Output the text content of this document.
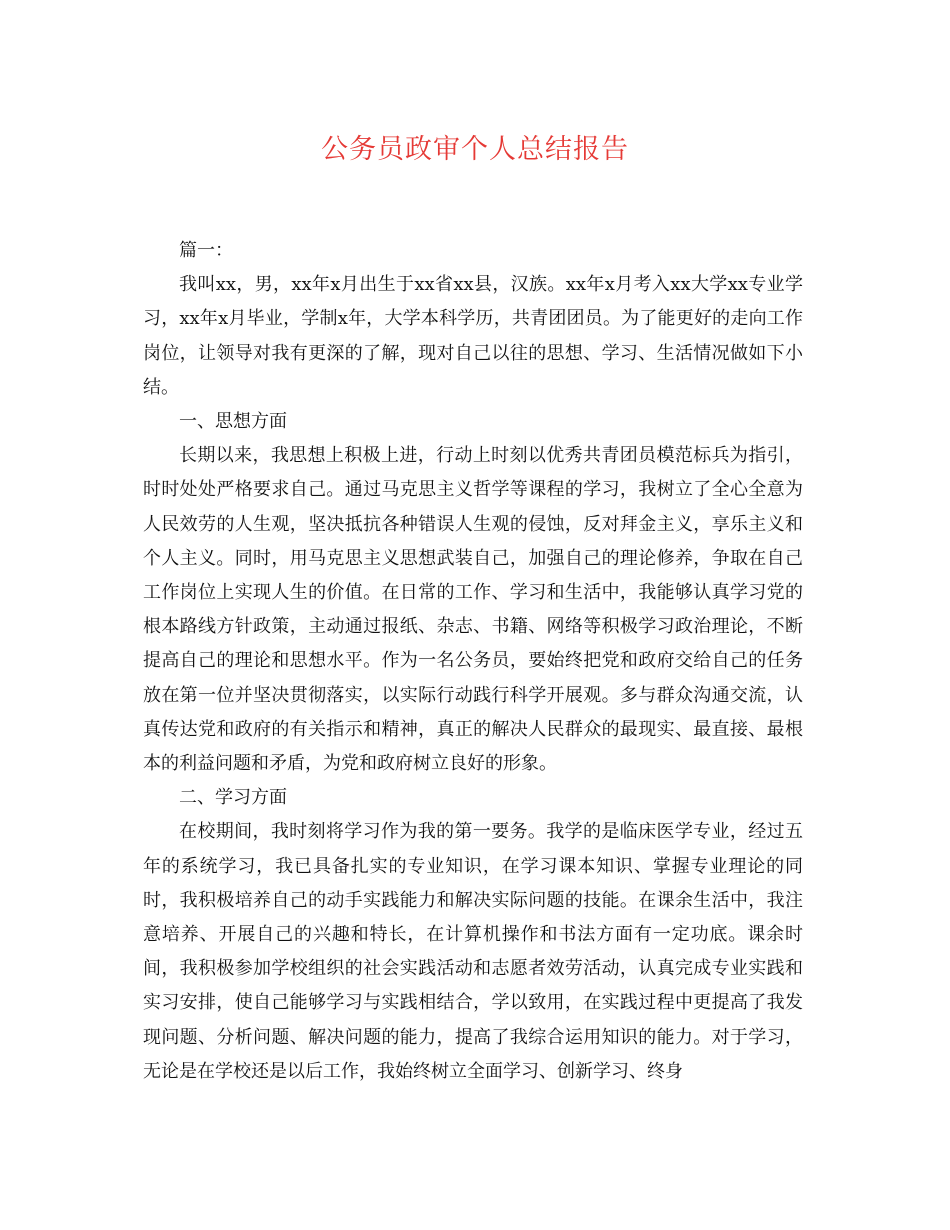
公务员政审个人总结报告

篇一：

我叫xx，男，xx年x月出生于xx省xx县，汉族。xx年x月考入xx大学xx专业学习，xx年x月毕业，学制x年，大学本科学历，共青团团员。为了能更好的走向工作岗位，让领导对我有更深的了解，现对自己以往的思想、学习、生活情况做如下小结。

一、思想方面

长期以来，我思想上积极上进，行动上时刻以优秀共青团员模范标兵为指引，时时处处严格要求自己。通过马克思主义哲学等课程的学习，我树立了全心全意为人民效劳的人生观，坚决抵抗各种错误人生观的侵蚀，反对拜金主义，享乐主义和个人主义。同时，用马克思主义思想武装自己，加强自己的理论修养，争取在自己工作岗位上实现人生的价值。在日常的工作、学习和生活中，我能够认真学习党的根本路线方针政策，主动通过报纸、杂志、书籍、网络等积极学习政治理论，不断提高自己的理论和思想水平。作为一名公务员，要始终把党和政府交给自己的任务放在第一位并坚决贯彻落实，以实际行动践行科学开展观。多与群众沟通交流，认真传达党和政府的有关指示和精神，真正的解决人民群众的最现实、最直接、最根本的利益问题和矛盾，为党和政府树立良好的形象。

二、学习方面

在校期间，我时刻将学习作为我的第一要务。我学的是临床医学专业，经过五年的系统学习，我已具备扎实的专业知识，在学习课本知识、掌握专业理论的同时，我积极培养自己的动手实践能力和解决实际问题的技能。在课余生活中，我注意培养、开展自己的兴趣和特长，在计算机操作和书法方面有一定功底。课余时间，我积极参加学校组织的社会实践活动和志愿者效劳活动，认真完成专业实践和实习安排，使自己能够学习与实践相结合，学以致用，在实践过程中更提高了我发现问题、分析问题、解决问题的能力，提高了我综合运用知识的能力。对于学习，无论是在学校还是以后工作，我始终树立全面学习、创新学习、终身
